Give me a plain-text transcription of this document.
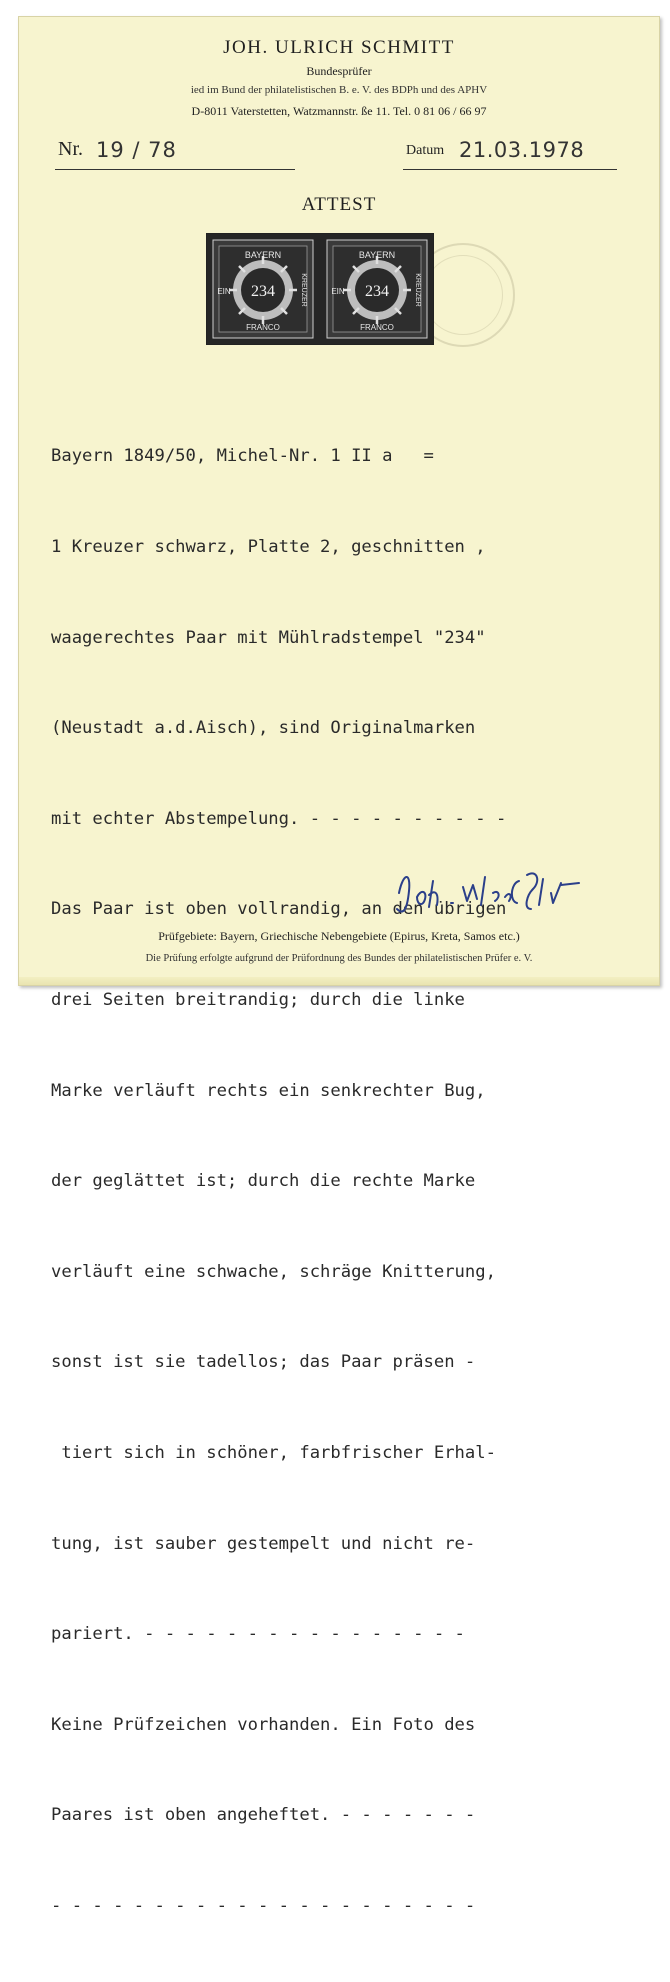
JOH. ULRICH SCHMITT
Bundesprüfer
ied im Bund der philatelistischen B. e. V. des BDPh und des APHV
D-8011 Vaterstetten, Watzmannstr. ße 11. Tel. 0 81 06 / 66 97
Nr. 19 / 78	Datum 21.03.1978
ATTEST
BAYERN
EIN	KREUZER
234
FRANCO
BAYERN
EIN	KREUZER
234
FRANCO

Bayern 1849/50, Michel-Nr. 1 II a   =

1 Kreuzer schwarz, Platte 2, geschnitten ,

waagerechtes Paar mit Mühlradstempel "234"

(Neustadt a.d.Aisch), sind Originalmarken

mit echter Abstempelung. - - - - - - - - - -

Das Paar ist oben vollrandig, an den übrigen

drei Seiten breitrandig; durch die linke

Marke verläuft rechts ein senkrechter Bug,

der geglättet ist; durch die rechte Marke

verläuft eine schwache, schräge Knitterung,

sonst ist sie tadellos; das Paar präsen -

tiert sich in schöner, farbfrischer Erhal-

tung, ist sauber gestempelt und nicht re-

pariert. - - - - - - - - - - - - - - - -

Keine Prüfzeichen vorhanden. Ein Foto des

Paares ist oben angeheftet. - - - - - - -

- - - - - - - - - - - - - - - - - - - - -

Joh. Ulrich Schmitt
Prüfgebiete: Bayern, Griechische Nebengebiete (Epirus, Kreta, Samos etc.)
Die Prüfung erfolgte aufgrund der Prüfordnung des Bundes der philatelistischen Prüfer e. V.
